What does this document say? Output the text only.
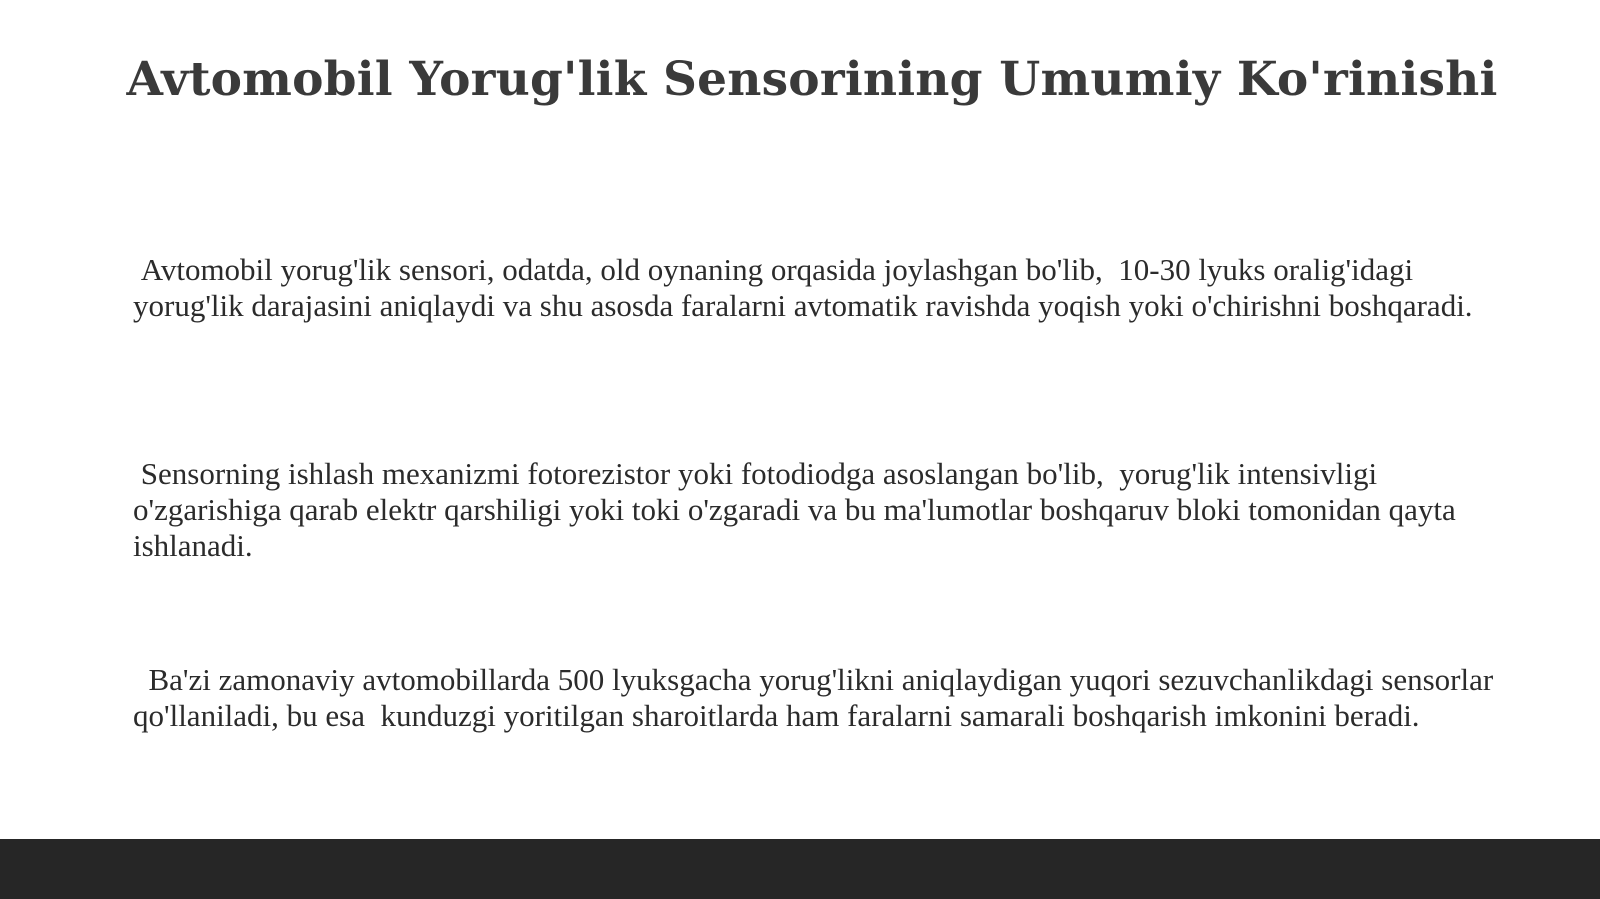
Avtomobil Yorug'lik Sensorining Umumiy Ko'rinishi

Avtomobil yorug'lik sensori, odatda, old oynaning orqasida joylashgan bo'lib,  10-30 lyuks oralig'idagi yorug'lik darajasini aniqlaydi va shu asosda faralarni avtomatik ravishda yoqish yoki o'chirishni boshqaradi.

Sensorning ishlash mexanizmi fotorezistor yoki fotodiodga asoslangan bo'lib,  yorug'lik intensivligi o'zgarishiga qarab elektr qarshiligi yoki toki o'zgaradi va bu ma'lumotlar boshqaruv bloki tomonidan qayta ishlanadi.

Ba'zi zamonaviy avtomobillarda 500 lyuksgacha yorug'likni aniqlaydigan yuqori sezuvchanlikdagi sensorlar qo'llaniladi, bu esa  kunduzgi yoritilgan sharoitlarda ham faralarni samarali boshqarish imkonini beradi.
